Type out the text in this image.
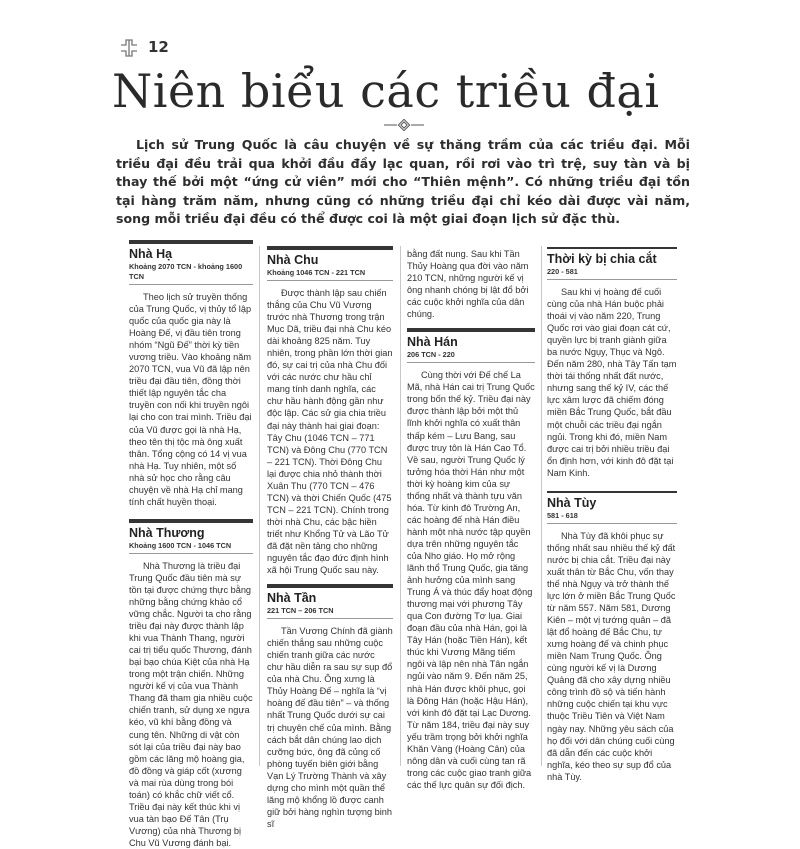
12
Niên biểu các triều đại

Lịch sử Trung Quốc là câu chuyện về sự thăng trầm của các triều đại. Mỗi triều đại đều trải qua khởi đầu đầy lạc quan, rồi rơi vào trì trệ, suy tàn và bị thay thế bởi một “ứng cử viên” mới cho “Thiên mệnh”. Có những triều đại tồn tại hàng trăm năm, nhưng cũng có những triều đại chỉ kéo dài được vài năm, song mỗi triều đại đều có thể được coi là một giai đoạn lịch sử đặc thù.

Nhà Hạ
Khoảng 2070 TCN - khoảng 1600 TCN

Theo lịch sử truyền thống của Trung Quốc, vị thủy tổ lập quốc của quốc gia này là Hoàng Đế, vị đầu tiên trong nhóm “Ngũ Đế” thời kỳ tiền vương triều. Vào khoảng năm 2070 TCN, vua Vũ đã lập nên triều đại đầu tiên, đồng thời thiết lập nguyên tắc cha truyền con nối khi truyền ngôi lại cho con trai mình. Triều đại của Vũ được gọi là nhà Hạ, theo tên thị tộc mà ông xuất thân. Tổng cộng có 14 vị vua nhà Hạ. Tuy nhiên, một số nhà sử học cho rằng câu chuyện về nhà Hạ chỉ mang tính chất huyền thoại.

Nhà Thương
Khoảng 1600 TCN - 1046 TCN

Nhà Thương là triều đại Trung Quốc đầu tiên mà sự tồn tại được chứng thực bằng những bằng chứng khảo cổ vững chắc. Người ta cho rằng triều đại này được thành lập khi vua Thành Thang, người cai trị tiểu quốc Thương, đánh bại bạo chúa Kiệt của nhà Hạ trong một trận chiến. Những người kế vị của vua Thành Thang đã tham gia nhiều cuộc chiến tranh, sử dụng xe ngựa kéo, vũ khí bằng đồng và cung tên. Những di vật còn sót lại của triều đại này bao gồm các lăng mộ hoàng gia, đồ đồng và giáp cốt (xương và mai rùa dùng trong bói toán) có khắc chữ viết cổ. Triều đại này kết thúc khi vị vua tàn bạo Đế Tân (Trụ Vương) của nhà Thương bị Chu Vũ Vương đánh bại.

Nhà Chu
Khoảng 1046 TCN - 221 TCN

Được thành lập sau chiến thắng của Chu Vũ Vương trước nhà Thương trong trận Mục Dã, triều đại nhà Chu kéo dài khoảng 825 năm. Tuy nhiên, trong phần lớn thời gian đó, sự cai trị của nhà Chu đối với các nước chư hầu chỉ mang tính danh nghĩa, các chư hầu hành động gần như độc lập. Các sử gia chia triều đại này thành hai giai đoạn: Tây Chu (1046 TCN – 771 TCN) và Đông Chu (770 TCN – 221 TCN). Thời Đông Chu lại được chia nhỏ thành thời Xuân Thu (770 TCN – 476 TCN) và thời Chiến Quốc (475 TCN – 221 TCN). Chính trong thời nhà Chu, các bậc hiền triết như Khổng Tử và Lão Tử đã đặt nền tảng cho những nguyên tắc đạo đức định hình xã hội Trung Quốc sau này.

Nhà Tần
221 TCN – 206 TCN

Tần Vương Chính đã giành chiến thắng sau những cuộc chiến tranh giữa các nước chư hầu diễn ra sau sự sụp đổ của nhà Chu. Ông xưng là Thủy Hoàng Đế – nghĩa là “vị hoàng đế đầu tiên” – và thống nhất Trung Quốc dưới sự cai trị chuyên chế của mình. Bằng cách bắt dân chúng lao dịch cưỡng bức, ông đã củng cố phòng tuyến biên giới bằng Vạn Lý Trường Thành và xây dựng cho mình một quần thể lăng mộ khổng lồ được canh giữ bởi hàng nghìn tượng binh sĩ

bằng đất nung. Sau khi Tần Thủy Hoàng qua đời vào năm 210 TCN, những người kế vị ông nhanh chóng bị lật đổ bởi các cuộc khởi nghĩa của dân chúng.

Nhà Hán
206 TCN - 220

Cùng thời với Đế chế La Mã, nhà Hán cai trị Trung Quốc trong bốn thế kỷ. Triều đại này được thành lập bởi một thủ lĩnh khởi nghĩa có xuất thân thấp kém – Lưu Bang, sau được truy tôn là Hán Cao Tổ. Về sau, người Trung Quốc lý tưởng hóa thời Hán như một thời kỳ hoàng kim của sự thống nhất và thành tựu văn hóa. Từ kinh đô Trường An, các hoàng đế nhà Hán điều hành một nhà nước tập quyền dựa trên những nguyên tắc của Nho giáo. Họ mở rộng lãnh thổ Trung Quốc, gia tăng ảnh hưởng của mình sang Trung Á và thúc đẩy hoạt động thương mại với phương Tây qua Con đường Tơ lụa. Giai đoạn đầu của nhà Hán, gọi là Tây Hán (hoặc Tiền Hán), kết thúc khi Vương Mãng tiếm ngôi và lập nên nhà Tân ngắn ngủi vào năm 9. Đến năm 25, nhà Hán được khôi phục, gọi là Đông Hán (hoặc Hậu Hán), với kinh đô đặt tại Lạc Dương. Từ năm 184, triều đại này suy yếu trầm trọng bởi khởi nghĩa Khăn Vàng (Hoàng Cân) của nông dân và cuối cùng tan rã trong các cuộc giao tranh giữa các thế lực quân sự đối địch.

Thời kỳ bị chia cắt
220 - 581

Sau khi vị hoàng đế cuối cùng của nhà Hán buộc phải thoái vị vào năm 220, Trung Quốc rơi vào giai đoạn cát cứ, quyền lực bị tranh giành giữa ba nước Ngụy, Thục và Ngô. Đến năm 280, nhà Tây Tấn tạm thời tái thống nhất đất nước, nhưng sang thế kỷ IV, các thế lực xâm lược đã chiếm đóng miền Bắc Trung Quốc, bắt đầu một chuỗi các triều đại ngắn ngủi. Trong khi đó, miền Nam được cai trị bởi nhiều triều đại ổn định hơn, với kinh đô đặt tại Nam Kinh.

Nhà Tùy
581 - 618

Nhà Tùy đã khôi phục sự thống nhất sau nhiều thế kỷ đất nước bị chia cắt. Triều đại này xuất thân từ Bắc Chu, vốn thay thế nhà Ngụy và trở thành thế lực lớn ở miền Bắc Trung Quốc từ năm 557. Năm 581, Dương Kiên – một vị tướng quân – đã lật đổ hoàng đế Bắc Chu, tự xưng hoàng đế và chinh phục miền Nam Trung Quốc. Ông cùng người kế vị là Dương Quảng đã cho xây dựng nhiều công trình đồ sộ và tiến hành những cuộc chiến tại khu vực thuộc Triều Tiên và Việt Nam ngày nay. Những yêu sách của họ đối với dân chúng cuối cùng đã dẫn đến các cuộc khởi nghĩa, kéo theo sự sụp đổ của nhà Tùy.
